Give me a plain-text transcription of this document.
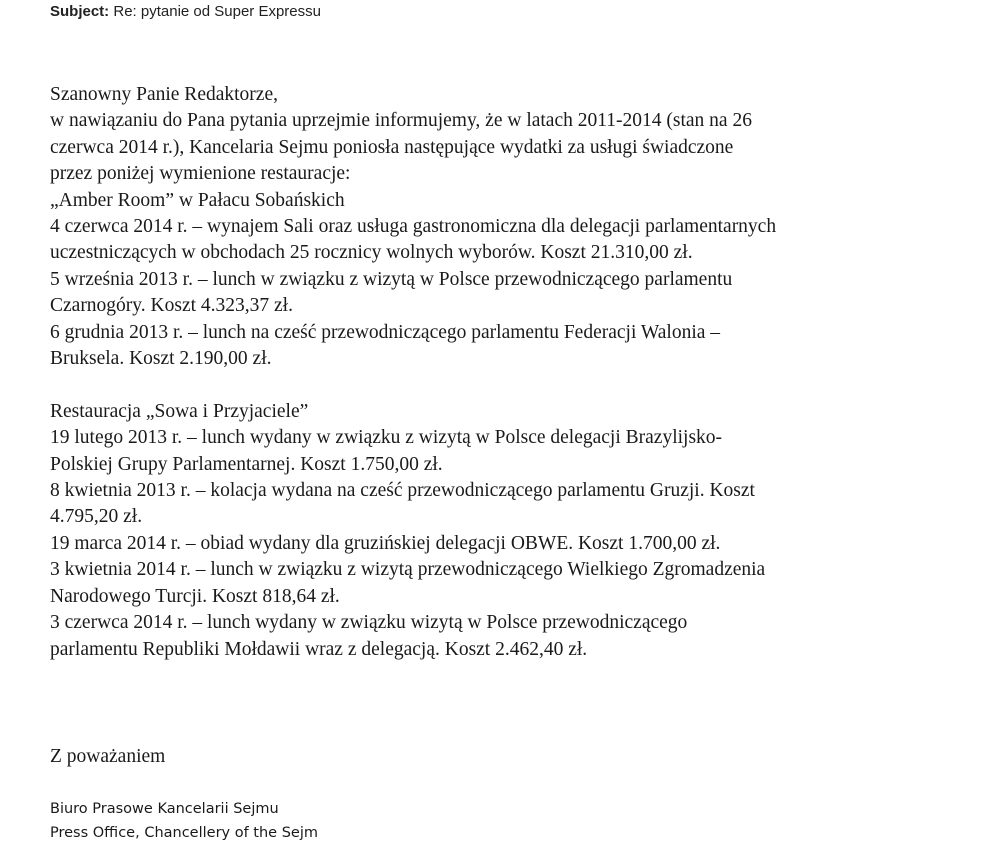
Subject: Re: pytanie od Super Expressu
Szanowny Panie Redaktorze,
w nawiązaniu do Pana pytania uprzejmie informujemy, że w latach 2011-2014 (stan na 26
czerwca 2014 r.), Kancelaria Sejmu poniosła następujące wydatki za usługi świadczone
przez poniżej wymienione restauracje:
„Amber Room” w Pałacu Sobańskich
4 czerwca 2014 r. – wynajem Sali oraz usługa gastronomiczna dla delegacji parlamentarnych
uczestniczących w obchodach 25 rocznicy wolnych wyborów. Koszt 21.310,00 zł.
5 września 2013 r. – lunch w związku z wizytą w Polsce przewodniczącego parlamentu
Czarnogóry. Koszt 4.323,37 zł.
6 grudnia 2013 r. – lunch na cześć przewodniczącego parlamentu Federacji Walonia –
Bruksela. Koszt 2.190,00 zł.
Restauracja „Sowa i Przyjaciele”
19 lutego 2013 r. – lunch wydany w związku z wizytą w Polsce delegacji Brazylijsko-
Polskiej Grupy Parlamentarnej. Koszt 1.750,00 zł.
8 kwietnia 2013 r. – kolacja wydana na cześć przewodniczącego parlamentu Gruzji. Koszt
4.795,20 zł.
19 marca 2014 r. – obiad wydany dla gruzińskiej delegacji OBWE. Koszt 1.700,00 zł.
3 kwietnia 2014 r. – lunch w związku z wizytą przewodniczącego Wielkiego Zgromadzenia
Narodowego Turcji. Koszt 818,64 zł.
3 czerwca 2014 r. – lunch wydany w związku wizytą w Polsce przewodniczącego
parlamentu Republiki Mołdawii wraz z delegacją. Koszt 2.462,40 zł.
Z poważaniem
Biuro Prasowe Kancelarii Sejmu
Press Office, Chancellery of the Sejm
